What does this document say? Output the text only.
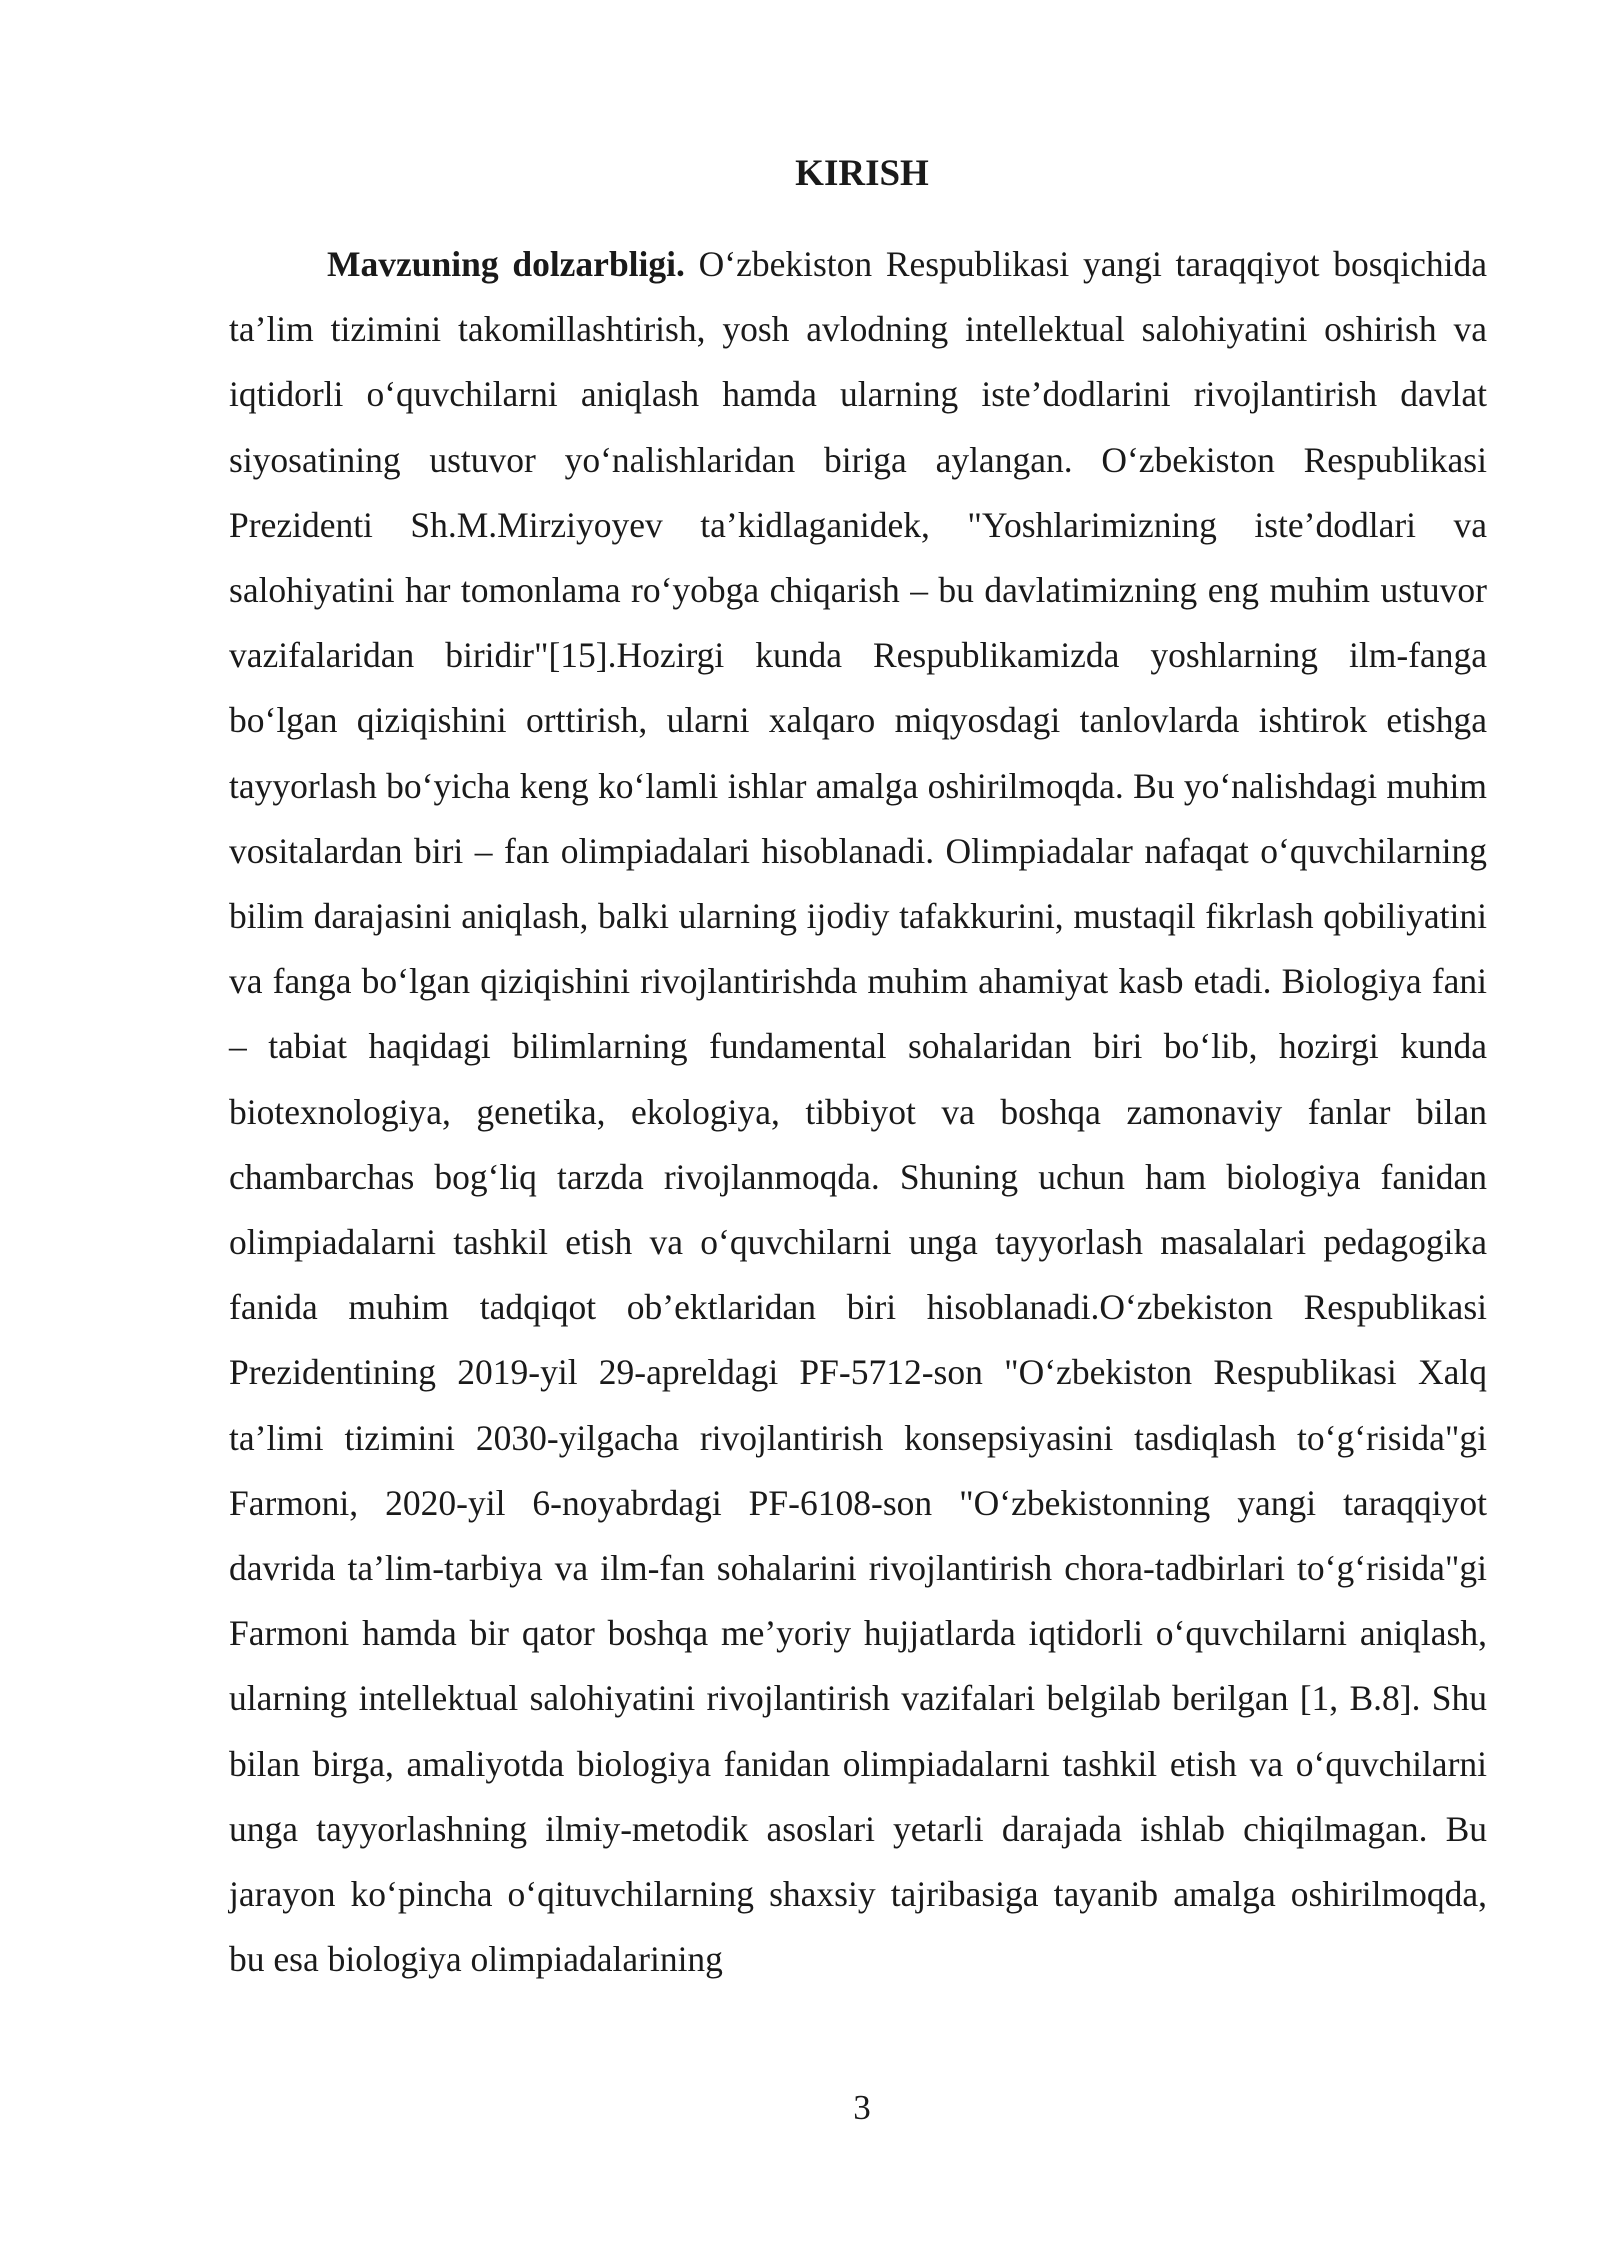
KIRISH

Mavzuning dolzarbligi. O‘zbekiston Respublikasi yangi taraqqiyot bosqichida ta’lim tizimini takomillashtirish, yosh avlodning intellektual salohiyatini oshirish va iqtidorli o‘quvchilarni aniqlash hamda ularning iste’dodlarini rivojlantirish davlat siyosatining ustuvor yo‘nalishlaridan biriga aylangan. O‘zbekiston Respublikasi Prezidenti Sh.M.Mirziyoyev ta’kidlaganidek, "Yoshlarimizning iste’dodlari va salohiyatini har tomonlama ro‘yobga chiqarish – bu davlatimizning eng muhim ustuvor vazifalaridan biridir"[15].Hozirgi kunda Respublikamizda yoshlarning ilm-fanga bo‘lgan qiziqishini orttirish, ularni xalqaro miqyosdagi tanlovlarda ishtirok etishga tayyorlash bo‘yicha keng ko‘lamli ishlar amalga oshirilmoqda. Bu yo‘nalishdagi muhim vositalardan biri – fan olimpiadalari hisoblanadi. Olimpiadalar nafaqat o‘quvchilarning bilim darajasini aniqlash, balki ularning ijodiy tafakkurini, mustaqil fikrlash qobiliyatini va fanga bo‘lgan qiziqishini rivojlantirishda muhim ahamiyat kasb etadi. Biologiya fani – tabiat haqidagi bilimlarning fundamental sohalaridan biri bo‘lib, hozirgi kunda biotexnologiya, genetika, ekologiya, tibbiyot va boshqa zamonaviy fanlar bilan chambarchas bog‘liq tarzda rivojlanmoqda. Shuning uchun ham biologiya fanidan olimpiadalarni tashkil etish va o‘quvchilarni unga tayyorlash masalalari pedagogika fanida muhim tadqiqot ob’ektlaridan biri hisoblanadi.O‘zbekiston Respublikasi Prezidentining 2019-yil 29-apreldagi PF-5712-son "O‘zbekiston Respublikasi Xalq ta’limi tizimini 2030-yilgacha rivojlantirish konsepsiyasini tasdiqlash to‘g‘risida"gi Farmoni, 2020-yil 6-noyabrdagi PF-6108-son "O‘zbekistonning yangi taraqqiyot davrida ta’lim-tarbiya va ilm-fan sohalarini rivojlantirish chora-tadbirlari to‘g‘risida"gi Farmoni hamda bir qator boshqa me’yoriy hujjatlarda iqtidorli o‘quvchilarni aniqlash, ularning intellektual salohiyatini rivojlantirish vazifalari belgilab berilgan [1, B.8]. Shu bilan birga, amaliyotda biologiya fanidan olimpiadalarni tashkil etish va o‘quvchilarni unga tayyorlashning ilmiy-metodik asoslari yetarli darajada ishlab chiqilmagan. Bu jarayon ko‘pincha o‘qituvchilarning shaxsiy tajribasiga tayanib amalga oshirilmoqda, bu esa biologiya olimpiadalarining

3
